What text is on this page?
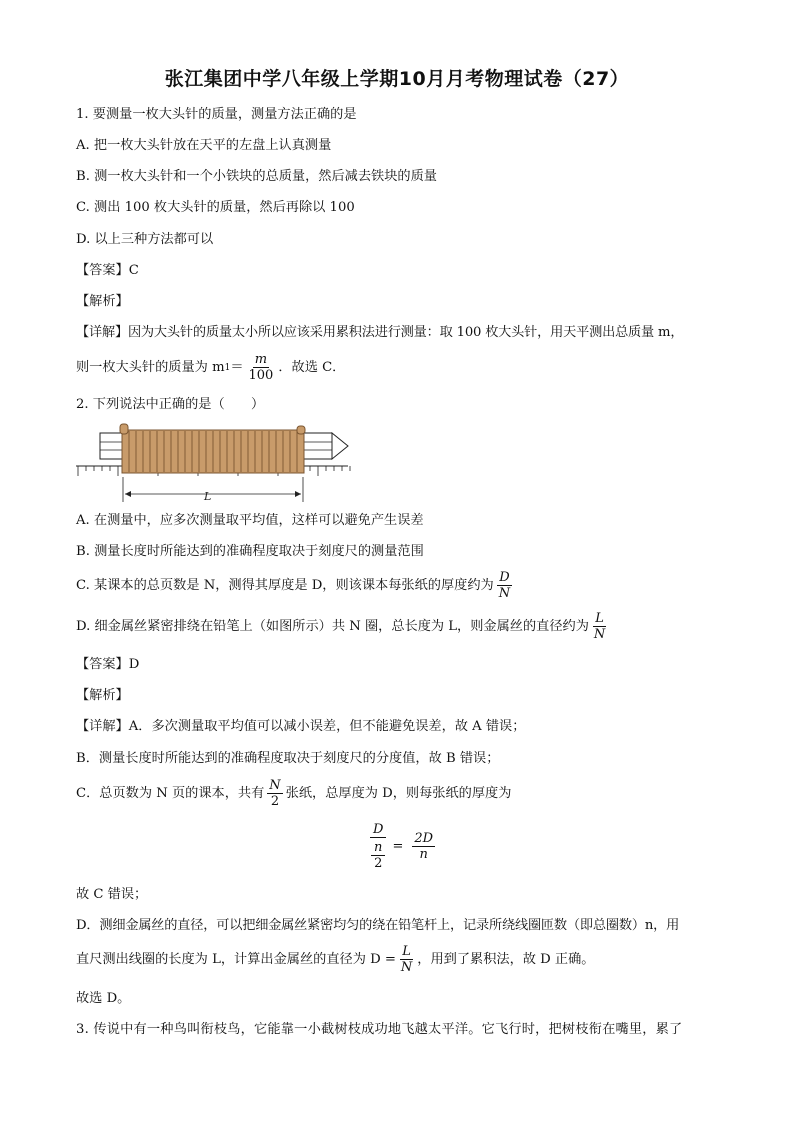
张江集团中学八年级上学期10月月考物理试卷（27）
1. 要测量一枚大头针的质量，测量方法正确的是
A. 把一枚大头针放在天平的左盘上认真测量
B. 测一枚大头针和一个小铁块的总质量，然后减去铁块的质量
C. 测出 100 枚大头针的质量，然后再除以 100
D. 以上三种方法都可以
【答案】C
【解析】
【详解】因为大头针的质量太小所以应该采用累积法进行测量：取 100 枚大头针，用天平测出总质量 m，
则一枚大头针的质量为 m $1 = \frac{m}{100}$ ．故选 C．
2. 下列说法中正确的是（　　）
L
A. 在测量中，应多次测量取平均值，这样可以避免产生误差
B. 测量长度时所能达到的准确程度取决于刻度尺的测量范围
C. 某课本的总页数是 N，测得其厚度是 D，则该课本每张纸的厚度约为 $\frac{D}{N}$
D. 细金属丝紧密排绕在铅笔上（如图所示）共 N 圈，总长度为 L，则金属丝的直径约为 $\frac{L}{N}$
【答案】D
【解析】
【详解】A．多次测量取平均值可以减小误差，但不能避免误差，故 A 错误；
B．测量长度时所能达到的准确程度取决于刻度尺的分度值，故 B 错误；
C．总页数为 N 页的课本，共有 $\frac{N}{2}$ 张纸，总厚度为 D，则每张纸的厚度为
$\frac{D}{\frac{n}{2}} = \frac{2D}{n}$
故 C 错误；
D．测细金属丝的直径，可以把细金属丝紧密均匀的绕在铅笔杆上，记录所绕线圈匝数（即总圈数）n，用
直尺测出线圈的长度为 L，计算出金属丝的直径为 $D = \frac{L}{N}$ ，用到了累积法，故 D 正确。
故选 D。
3. 传说中有一种鸟叫衔枝鸟，它能靠一小截树枝成功地飞越太平洋。它飞行时，把树枝衔在嘴里，累了
